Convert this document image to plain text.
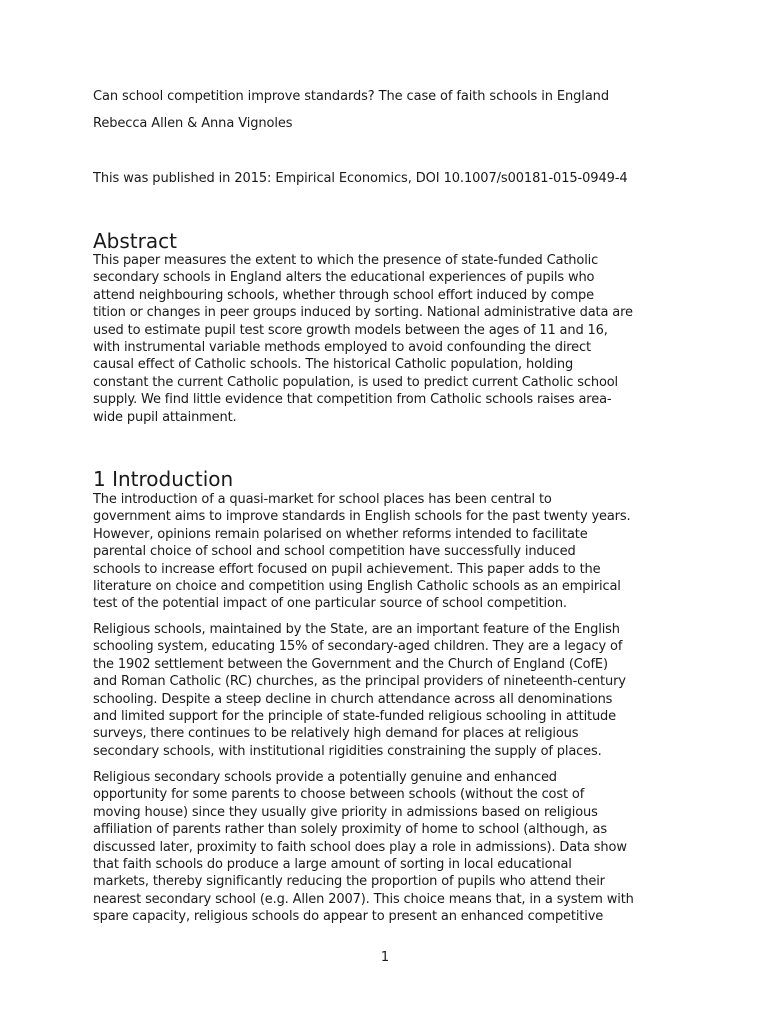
Can school competition improve standards? The case of faith schools in England

Rebecca Allen & Anna Vignoles

This was published in 2015: Empirical Economics, DOI 10.1007/s00181-015-0949-4

Abstract
This paper measures the extent to which the presence of state-funded Catholic
secondary schools in England alters the educational experiences of pupils who
attend neighbouring schools, whether through school effort induced by compe
tition or changes in peer groups induced by sorting. National administrative data are
used to estimate pupil test score growth models between the ages of 11 and 16,
with instrumental variable methods employed to avoid confounding the direct
causal effect of Catholic schools. The historical Catholic population, holding
constant the current Catholic population, is used to predict current Catholic school
supply. We find little evidence that competition from Catholic schools raises area-
wide pupil attainment.
1 Introduction
The introduction of a quasi-market for school places has been central to
government aims to improve standards in English schools for the past twenty years.
However, opinions remain polarised on whether reforms intended to facilitate
parental choice of school and school competition have successfully induced
schools to increase effort focused on pupil achievement. This paper adds to the
literature on choice and competition using English Catholic schools as an empirical
test of the potential impact of one particular source of school competition.
Religious schools, maintained by the State, are an important feature of the English
schooling system, educating 15% of secondary-aged children. They are a legacy of
the 1902 settlement between the Government and the Church of England (CofE)
and Roman Catholic (RC) churches, as the principal providers of nineteenth-century
schooling. Despite a steep decline in church attendance across all denominations
and limited support for the principle of state-funded religious schooling in attitude
surveys, there continues to be relatively high demand for places at religious
secondary schools, with institutional rigidities constraining the supply of places.
Religious secondary schools provide a potentially genuine and enhanced
opportunity for some parents to choose between schools (without the cost of
moving house) since they usually give priority in admissions based on religious
affiliation of parents rather than solely proximity of home to school (although, as
discussed later, proximity to faith school does play a role in admissions). Data show
that faith schools do produce a large amount of sorting in local educational
markets, thereby significantly reducing the proportion of pupils who attend their
nearest secondary school (e.g. Allen 2007). This choice means that, in a system with
spare capacity, religious schools do appear to present an enhanced competitive

1
